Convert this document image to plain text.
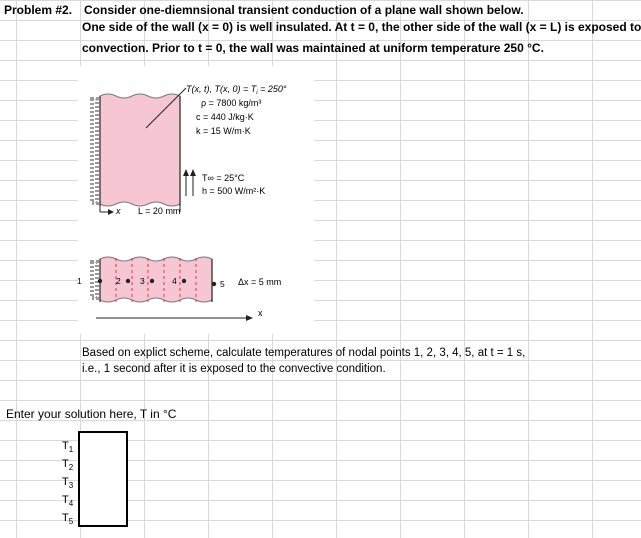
Problem #2. Consider one-diemnsional transient conduction of a plane wall shown below.
One side of the wall (x = 0) is well insulated. At t = 0, the other side of the wall (x = L) is exposed to
convection. Prior to t = 0, the wall was maintained at uniform temperature 250 °C.
T(x, t), T(x, $0) = T_i = 250^\circ$
ρ = 7800 kg/m³
c = 440 J/kg·K
k = 15 W/m·K
T∞ = 25°C
h = 500 W/m²·K
x L = 20 mm
1	2 3	4	5 Δx = 5 mm
x
Based on explict scheme, calculate temperatures of nodal points 1, 2, 3, 4, 5, at t = 1 s,
i.e., 1 second after it is exposed to the convective condition.
Enter your solution here, T in °C
$T_1$
$T_2$
$T_3$
$T_4$
$T_5$
